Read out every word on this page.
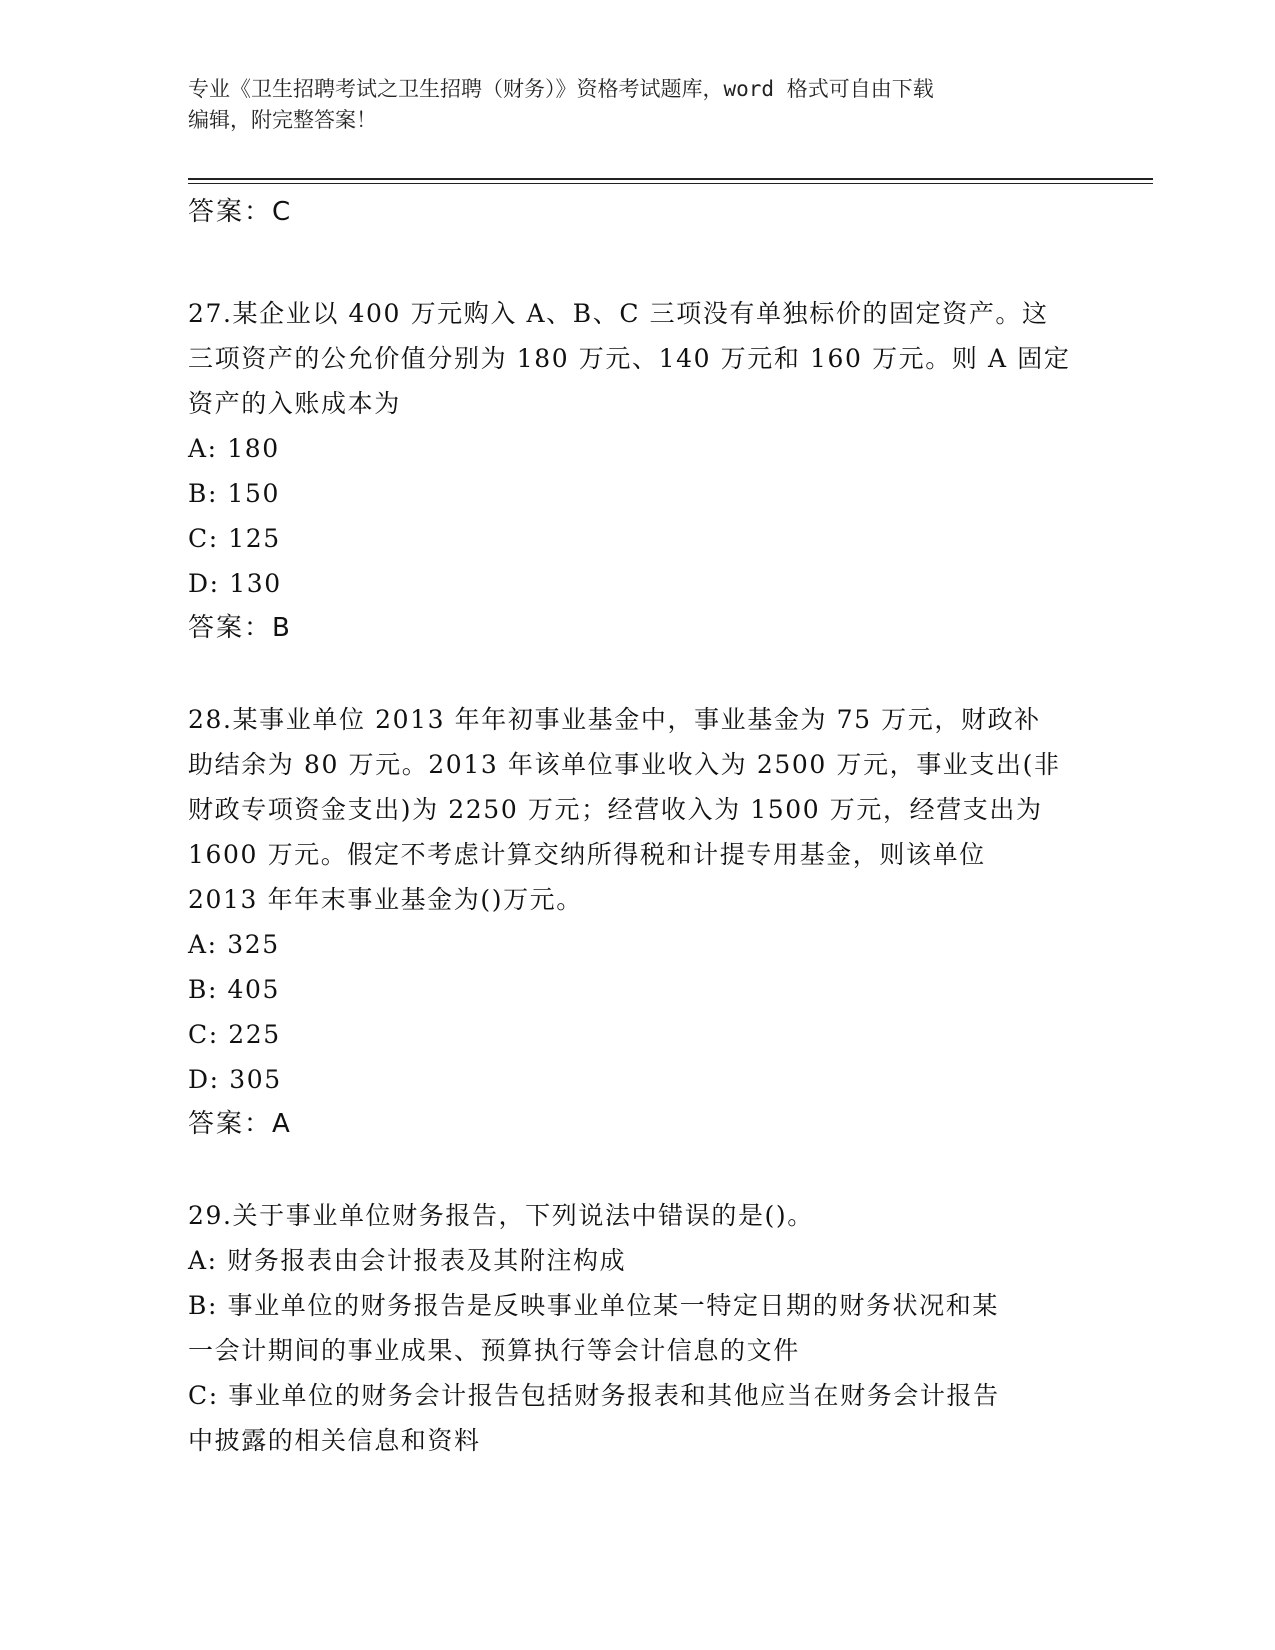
专业《卫生招聘考试之卫生招聘（财务）》资格考试题库，word 格式可自由下载
编辑，附完整答案！
答案：C
27.某企业以 400 万元购入 A、B、C 三项没有单独标价的固定资产。这
三项资产的公允价值分别为 180 万元、140 万元和 160 万元。则 A 固定
资产的入账成本为
A: 180
B: 150
C: 125
D: 130
答案：B
28.某事业单位 2013 年年初事业基金中，事业基金为 75 万元，财政补
助结余为 80 万元。2013 年该单位事业收入为 2500 万元，事业支出(非
财政专项资金支出)为 2250 万元；经营收入为 1500 万元，经营支出为
1600 万元。假定不考虑计算交纳所得税和计提专用基金，则该单位
2013 年年末事业基金为()万元。
A: 325
B: 405
C: 225
D: 305
答案：A
29.关于事业单位财务报告，下列说法中错误的是()。
A: 财务报表由会计报表及其附注构成
B: 事业单位的财务报告是反映事业单位某一特定日期的财务状况和某
一会计期间的事业成果、预算执行等会计信息的文件
C: 事业单位的财务会计报告包括财务报表和其他应当在财务会计报告
中披露的相关信息和资料
